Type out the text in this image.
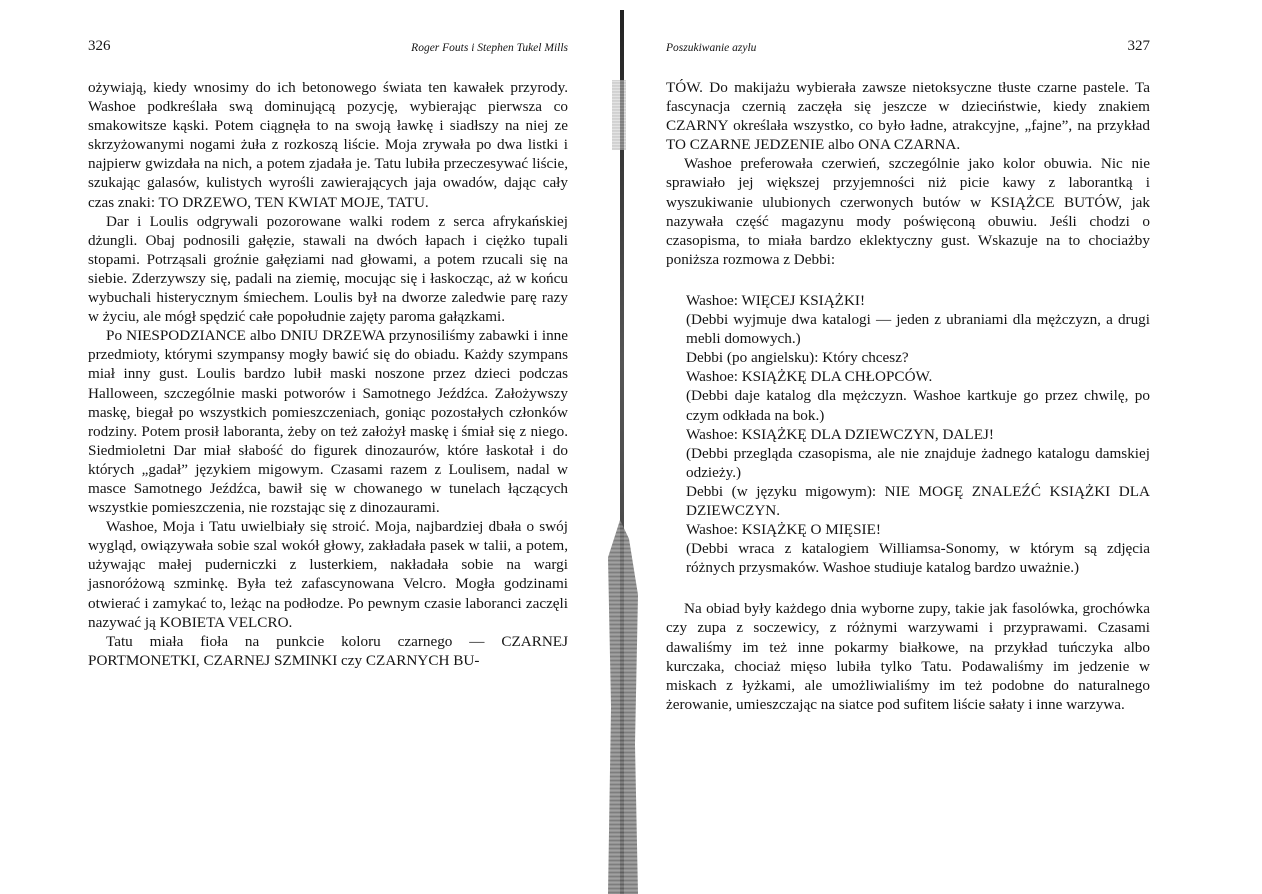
326	Roger Fouts i Stephen Tukel Mills

ożywiają, kiedy wnosimy do ich betonowego świata ten kawałek przyrody. Washoe podkreślała swą dominującą pozycję, wybierając pierwsza co smakowitsze kąski. Potem ciągnęła to na swoją ławkę i siadłszy na niej ze skrzyżowanymi nogami żuła z rozkoszą liście. Moja zrywała po dwa listki i najpierw gwizdała na nich, a potem zjadała je. Tatu lubiła przeczesywać liście, szukając galasów, kulistych wyrośli zawierających jaja owadów, dając cały czas znaki: TO DRZEWO, TEN KWIAT MOJE, TATU.

Dar i Loulis odgrywali pozorowane walki rodem z serca afrykańskiej dżungli. Obaj podnosili gałęzie, stawali na dwóch łapach i ciężko tupali stopami. Potrząsali groźnie gałęziami nad głowami, a potem rzucali się na siebie. Zderzywszy się, padali na ziemię, mocując się i łaskocząc, aż w końcu wybuchali histerycznym śmiechem. Loulis był na dworze zaledwie parę razy w życiu, ale mógł spędzić całe popołudnie zajęty paroma gałązkami.

Po NIESPODZIANCE albo DNIU DRZEWA przynosiliśmy zabawki i inne przedmioty, którymi szympansy mogły bawić się do obiadu. Każdy szympans miał inny gust. Loulis bardzo lubił maski noszone przez dzieci podczas Halloween, szczególnie maski potworów i Samotnego Jeźdźca. Założywszy maskę, biegał po wszystkich pomieszczeniach, goniąc pozostałych członków rodziny. Potem prosił laboranta, żeby on też założył maskę i śmiał się z niego. Siedmioletni Dar miał słabość do figurek dinozaurów, które łaskotał i do których „gadał” językiem migowym. Czasami razem z Loulisem, nadal w masce Samotnego Jeźdźca, bawił się w chowanego w tunelach łączących wszystkie pomieszczenia, nie rozstając się z dinozaurami.

Washoe, Moja i Tatu uwielbiały się stroić. Moja, najbardziej dbała o swój wygląd, owiązywała sobie szal wokół głowy, zakładała pasek w talii, a potem, używając małej puderniczki z lusterkiem, nakładała sobie na wargi jasnoróżową szminkę. Była też zafascynowana Velcro. Mogła godzinami otwierać i zamykać to, leżąc na podłodze. Po pewnym czasie laboranci zaczęli nazywać ją KOBIETA VELCRO.

Tatu miała fioła na punkcie koloru czarnego — CZARNEJ PORTMONETKI, CZARNEJ SZMINKI czy CZARNYCH BU-

Poszukiwanie azylu	327

TÓW. Do makijażu wybierała zawsze nietoksyczne tłuste czarne pastele. Ta fascynacja czernią zaczęła się jeszcze w dzieciństwie, kiedy znakiem CZARNY określała wszystko, co było ładne, atrakcyjne, „fajne”, na przykład TO CZARNE JEDZENIE albo ONA CZARNA.

Washoe preferowała czerwień, szczególnie jako kolor obuwia. Nic nie sprawiało jej większej przyjemności niż picie kawy z laborantką i wyszukiwanie ulubionych czerwonych butów w KSIĄŻCE BUTÓW, jak nazywała część magazynu mody poświęconą obuwiu. Jeśli chodzi o czasopisma, to miała bardzo eklektyczny gust. Wskazuje na to chociażby poniższa rozmowa z Debbi:

Washoe: WIĘCEJ KSIĄŻKI!

(Debbi wyjmuje dwa katalogi — jeden z ubraniami dla mężczyzn, a drugi mebli domowych.)

Debbi (po angielsku): Który chcesz?

Washoe: KSIĄŻKĘ DLA CHŁOPCÓW.

(Debbi daje katalog dla mężczyzn. Washoe kartkuje go przez chwilę, po czym odkłada na bok.)

Washoe: KSIĄŻKĘ DLA DZIEWCZYN, DALEJ!

(Debbi przegląda czasopisma, ale nie znajduje żadnego katalogu damskiej odzieży.)

Debbi (w języku migowym): NIE MOGĘ ZNALEŹĆ KSIĄŻKI DLA DZIEWCZYN.

Washoe: KSIĄŻKĘ O MIĘSIE!

(Debbi wraca z katalogiem Williamsa-Sonomy, w którym są zdjęcia różnych przysmaków. Washoe studiuje katalog bardzo uważnie.)

Na obiad były każdego dnia wyborne zupy, takie jak fasolówka, grochówka czy zupa z soczewicy, z różnymi warzywami i przyprawami. Czasami dawaliśmy im też inne pokarmy białkowe, na przykład tuńczyka albo kurczaka, chociaż mięso lubiła tylko Tatu. Podawaliśmy im jedzenie w miskach z łyżkami, ale umożliwialiśmy im też podobne do naturalnego żerowanie, umieszczając na siatce pod sufitem liście sałaty i inne warzywa.
